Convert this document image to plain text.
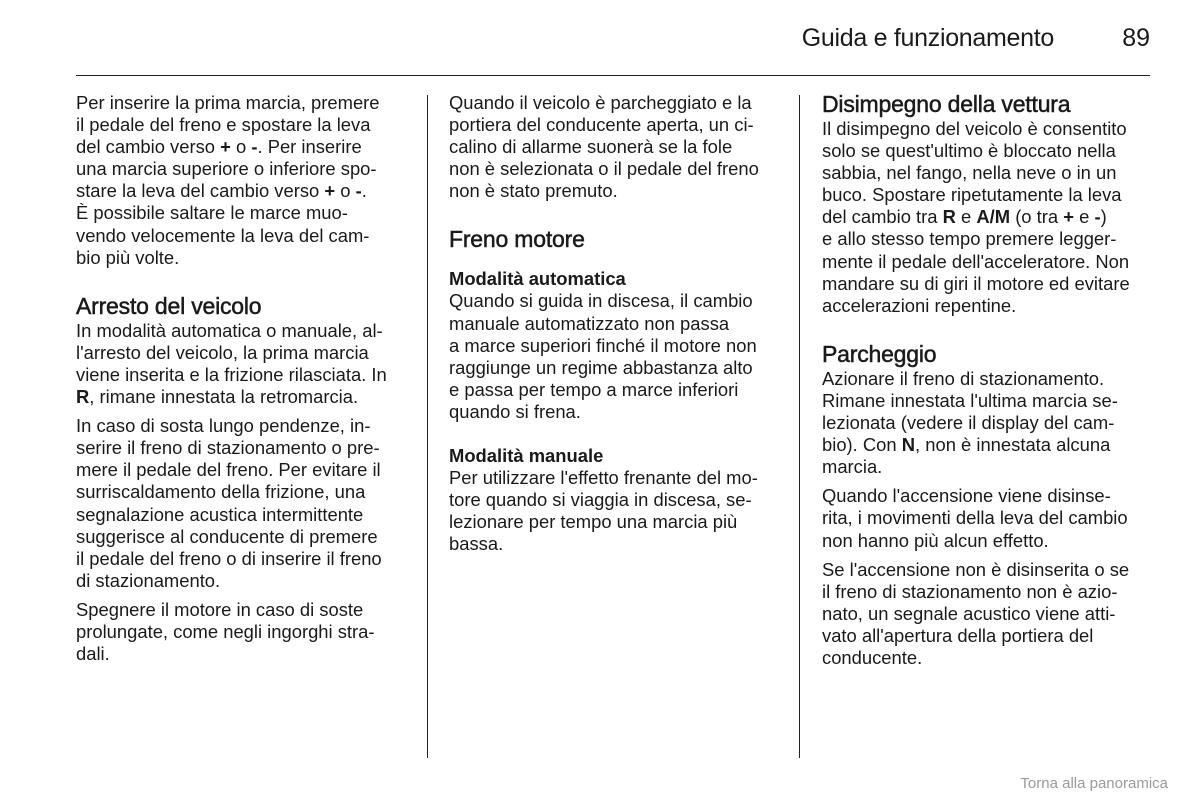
Guida e funzionamento	89

Per inserire la prima marcia, premere
il pedale del freno e spostare la leva
del cambio verso + o -. Per inserire
una marcia superiore o inferiore spo-
stare la leva del cambio verso + o -.
È possibile saltare le marce muo-
vendo velocemente la leva del cam-
bio più volte.

Arresto del veicolo

In modalità automatica o manuale, al-
l'arresto del veicolo, la prima marcia
viene inserita e la frizione rilasciata. In
R, rimane innestata la retromarcia.

In caso di sosta lungo pendenze, in-
serire il freno di stazionamento o pre-
mere il pedale del freno. Per evitare il
surriscaldamento della frizione, una
segnalazione acustica intermittente
suggerisce al conducente di premere
il pedale del freno o di inserire il freno
di stazionamento.

Spegnere il motore in caso di soste
prolungate, come negli ingorghi stra-
dali.

Quando il veicolo è parcheggiato e la
portiera del conducente aperta, un ci-
calino di allarme suonerà se la fole
non è selezionata o il pedale del freno
non è stato premuto.

Freno motore
Modalità automatica

Quando si guida in discesa, il cambio
manuale automatizzato non passa
a marce superiori finché il motore non
raggiunge un regime abbastanza alto
e passa per tempo a marce inferiori
quando si frena.

Modalità manuale

Per utilizzare l'effetto frenante del mo-
tore quando si viaggia in discesa, se-
lezionare per tempo una marcia più
bassa.

Disimpegno della vettura

Il disimpegno del veicolo è consentito
solo se quest'ultimo è bloccato nella
sabbia, nel fango, nella neve o in un
buco. Spostare ripetutamente la leva
del cambio tra R e A/M (o tra + e -)
e allo stesso tempo premere legger-
mente il pedale dell'acceleratore. Non
mandare su di giri il motore ed evitare
accelerazioni repentine.

Parcheggio

Azionare il freno di stazionamento.
Rimane innestata l'ultima marcia se-
lezionata (vedere il display del cam-
bio). Con N, non è innestata alcuna
marcia.

Quando l'accensione viene disinse-
rita, i movimenti della leva del cambio
non hanno più alcun effetto.

Se l'accensione non è disinserita o se
il freno di stazionamento non è azio-
nato, un segnale acustico viene atti-
vato all'apertura della portiera del
conducente.

Torna alla panoramica
